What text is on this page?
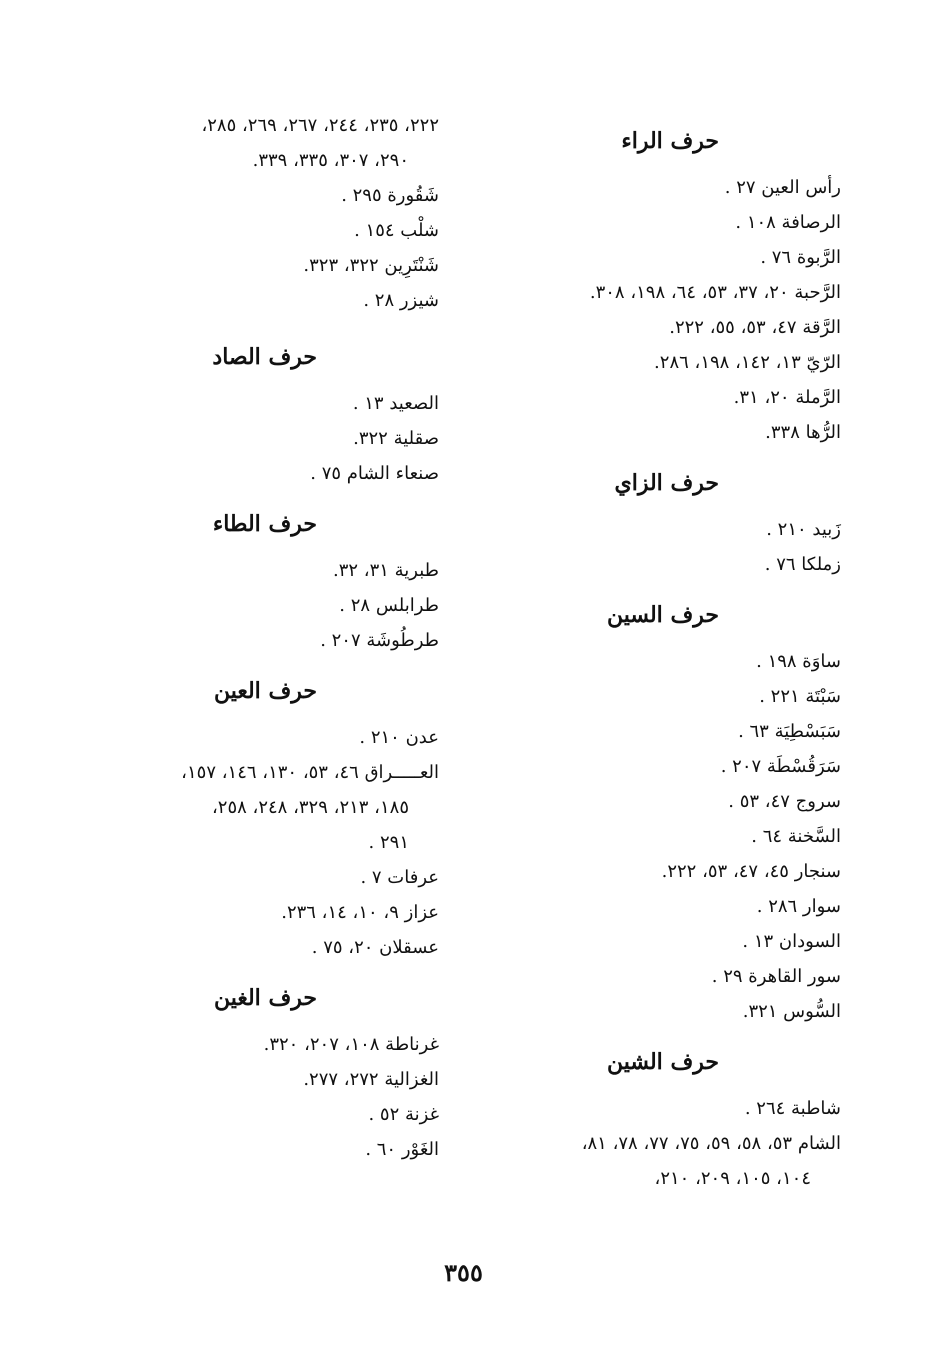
حرف الراء
رأس العين ٢٧ .
الرصافة ١٠٨ .
الرَّبوة ٧٦ .
الرَّحبة ٢٠، ٣٧، ٥٣، ٦٤، ١٩٨، ٣٠٨.
الرَّقة ٤٧، ٥٣، ٥٥، ٢٢٢.
الرّيّ ١٣، ١٤٢، ١٩٨، ٢٨٦.
الرَّملة ٢٠، ٣١.
الرُّها ٣٣٨.
حرف الزاي
زَبيد ٢١٠ .
زملكا ٧٦ .
حرف السين
ساوَة ١٩٨ .
سَبْتَة ٢٢١ .
سَبَسْطِيَة ٦٣ .
سَرَقُسْطَة ٢٠٧ .
سروج ٤٧، ٥٣ .
السَّخنة ٦٤ .
سنجار ٤٥، ٤٧، ٥٣، ٢٢٢.
سوار ٢٨٦ .
السودان ١٣ .
سور القاهرة ٢٩ .
السُّوس ٣٢١.
حرف الشين
شاطبة ٢٦٤ .
الشام ٥٣، ٥٨، ٥٩، ٧٥، ٧٧، ٧٨، ٨١،
١٠٤، ١٠٥، ٢٠٩، ٢١٠،
٢٢٢، ٢٣٥، ٢٤٤، ٢٦٧، ٢٦٩، ٢٨٥،
٢٩٠، ٣٠٧، ٣٣٥، ٣٣٩.
شَقُورة ٢٩٥ .
شلْب ١٥٤ .
شَنْتَرِين ٣٢٢، ٣٢٣.
شيزر ٢٨ .
حرف الصاد
الصعيد ١٣ .
صقلية ٣٢٢.
صنعاء الشام ٧٥ .
حرف الطاء
طبرية ٣١، ٣٢.
طرابلس ٢٨ .
طرطُوشَة ٢٠٧ .
حرف العين
عدن ٢١٠ .
العـــــراق ٤٦، ٥٣، ١٣٠، ١٤٦، ١٥٧،
١٨٥، ٢١٣، ٣٢٩، ٢٤٨، ٢٥٨،
٢٩١ .
عرفات ٧ .
عزاز ٩، ١٠، ١٤، ٢٣٦.
عسقلان ٢٠، ٧٥ .
حرف الغين
غرناطة ١٠٨، ٢٠٧، ٣٢٠.
الغزالية ٢٧٢، ٢٧٧.
غزنة ٥٢ .
الغَوْر ٦٠ .
٣٥٥
